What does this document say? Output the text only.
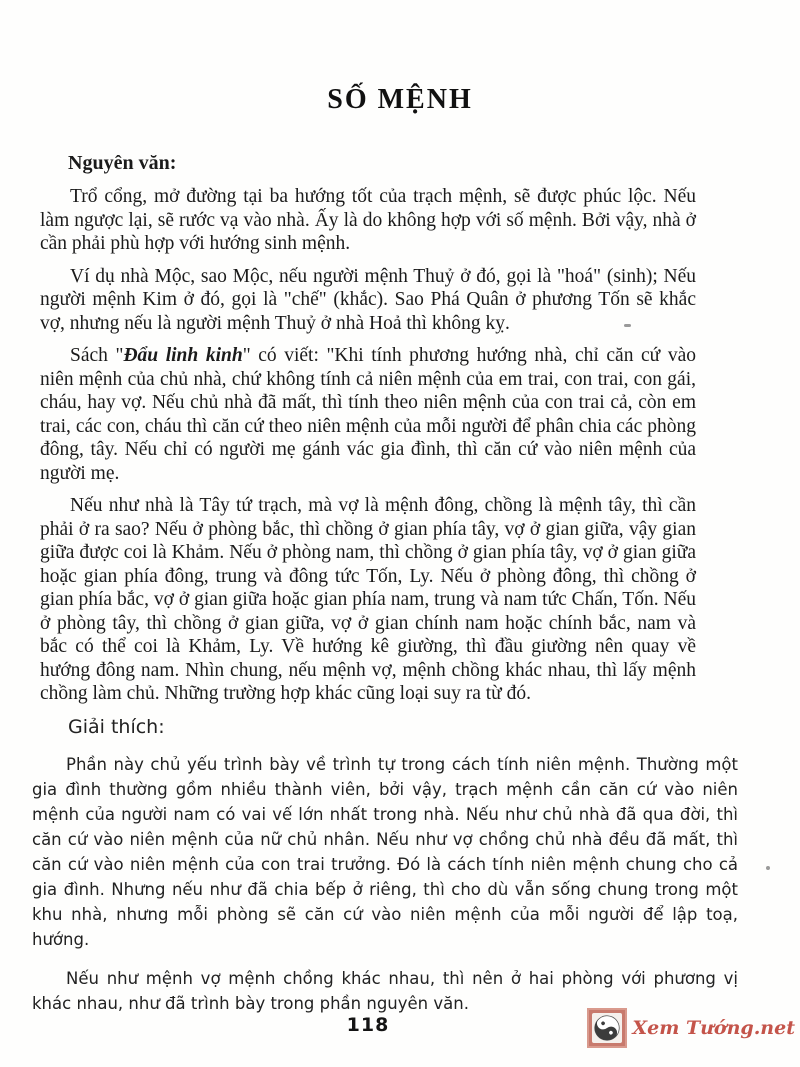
SỐ MỆNH
Nguyên văn:

Trổ cổng, mở đường tại ba hướng tốt của trạch mệnh, sẽ được phúc lộc. Nếu làm ngược lại, sẽ rước vạ vào nhà. Ấy là do không hợp với số mệnh. Bởi vậy, nhà ở cần phải phù hợp với hướng sinh mệnh.

Ví dụ nhà Mộc, sao Mộc, nếu người mệnh Thuỷ ở đó, gọi là "hoá" (sinh); Nếu người mệnh Kim ở đó, gọi là "chế" (khắc). Sao Phá Quân ở phương Tốn sẽ khắc vợ, nhưng nếu là người mệnh Thuỷ ở nhà Hoả thì không kỵ.

Sách "Đẩu linh kinh" có viết: "Khi tính phương hướng nhà, chỉ căn cứ vào niên mệnh của chủ nhà, chứ không tính cả niên mệnh của em trai, con trai, con gái, cháu, hay vợ. Nếu chủ nhà đã mất, thì tính theo niên mệnh của con trai cả, còn em trai, các con, cháu thì căn cứ theo niên mệnh của mỗi người để phân chia các phòng đông, tây. Nếu chỉ có người mẹ gánh vác gia đình, thì căn cứ vào niên mệnh của người mẹ.

Nếu như nhà là Tây tứ trạch, mà vợ là mệnh đông, chồng là mệnh tây, thì cần phải ở ra sao? Nếu ở phòng bắc, thì chồng ở gian phía tây, vợ ở gian giữa, vậy gian giữa được coi là Khảm. Nếu ở phòng nam, thì chồng ở gian phía tây, vợ ở gian giữa hoặc gian phía đông, trung và đông tức Tốn, Ly. Nếu ở phòng đông, thì chồng ở gian phía bắc, vợ ở gian giữa hoặc gian phía nam, trung và nam tức Chấn, Tốn. Nếu ở phòng tây, thì chồng ở gian giữa, vợ ở gian chính nam hoặc chính bắc, nam và bắc có thể coi là Khảm, Ly. Về hướng kê giường, thì đầu giường nên quay về hướng đông nam. Nhìn chung, nếu mệnh vợ, mệnh chồng khác nhau, thì lấy mệnh chồng làm chủ. Những trường hợp khác cũng loại suy ra từ đó.

Giải thích:

Phần này chủ yếu trình bày về trình tự trong cách tính niên mệnh. Thường một gia đình thường gồm nhiều thành viên, bởi vậy, trạch mệnh cần căn cứ vào niên mệnh của người nam có vai vế lớn nhất trong nhà. Nếu như chủ nhà đã qua đời, thì căn cứ vào niên mệnh của nữ chủ nhân. Nếu như vợ chồng chủ nhà đều đã mất, thì căn cứ vào niên mệnh của con trai trưởng. Đó là cách tính niên mệnh chung cho cả gia đình. Nhưng nếu như đã chia bếp ở riêng, thì cho dù vẫn sống chung trong một khu nhà, nhưng mỗi phòng sẽ căn cứ vào niên mệnh của mỗi người để lập toạ, hướng.

Nếu như mệnh vợ mệnh chồng khác nhau, thì nên ở hai phòng với phương vị khác nhau, như đã trình bày trong phần nguyên văn.

118	Xem Tướng.net
